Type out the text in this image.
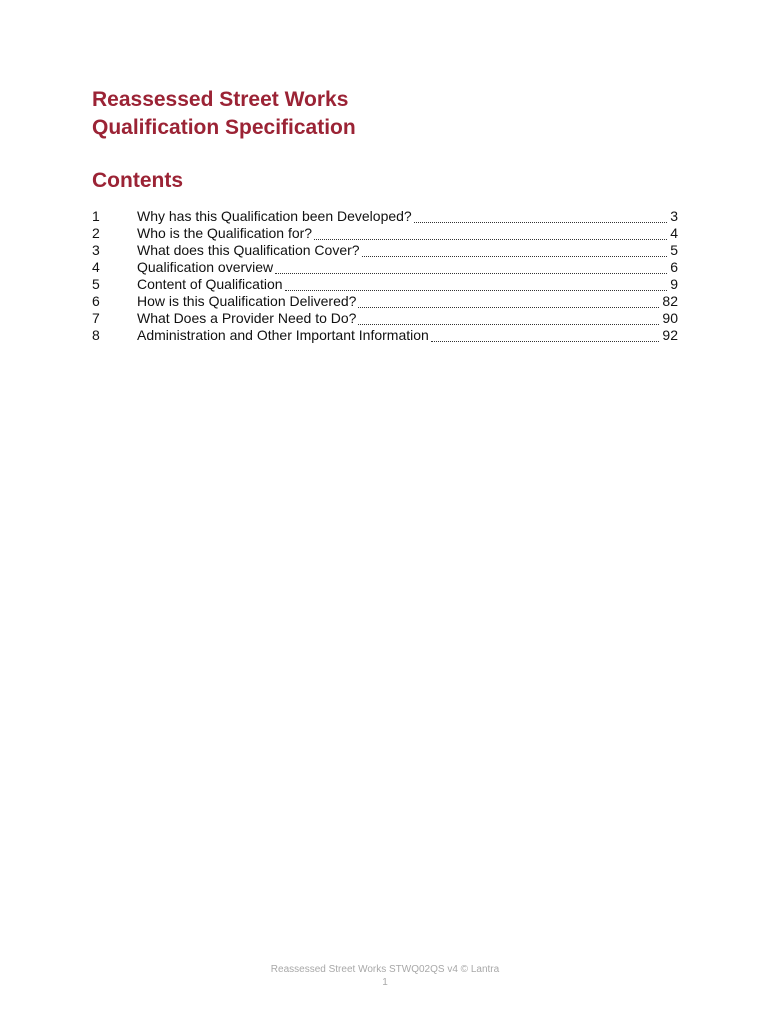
Reassessed Street Works
Qualification Specification
Contents
1	Why has this Qualification been Developed?	3
2	Who is the Qualification for?	4
3	What does this Qualification Cover?	5
4	Qualification overview	6
5	Content of Qualification	9
6	How is this Qualification Delivered?	82
7	What Does a Provider Need to Do?	90
8	Administration and Other Important Information	92
Reassessed Street Works STWQ02QS v4 © Lantra
1
